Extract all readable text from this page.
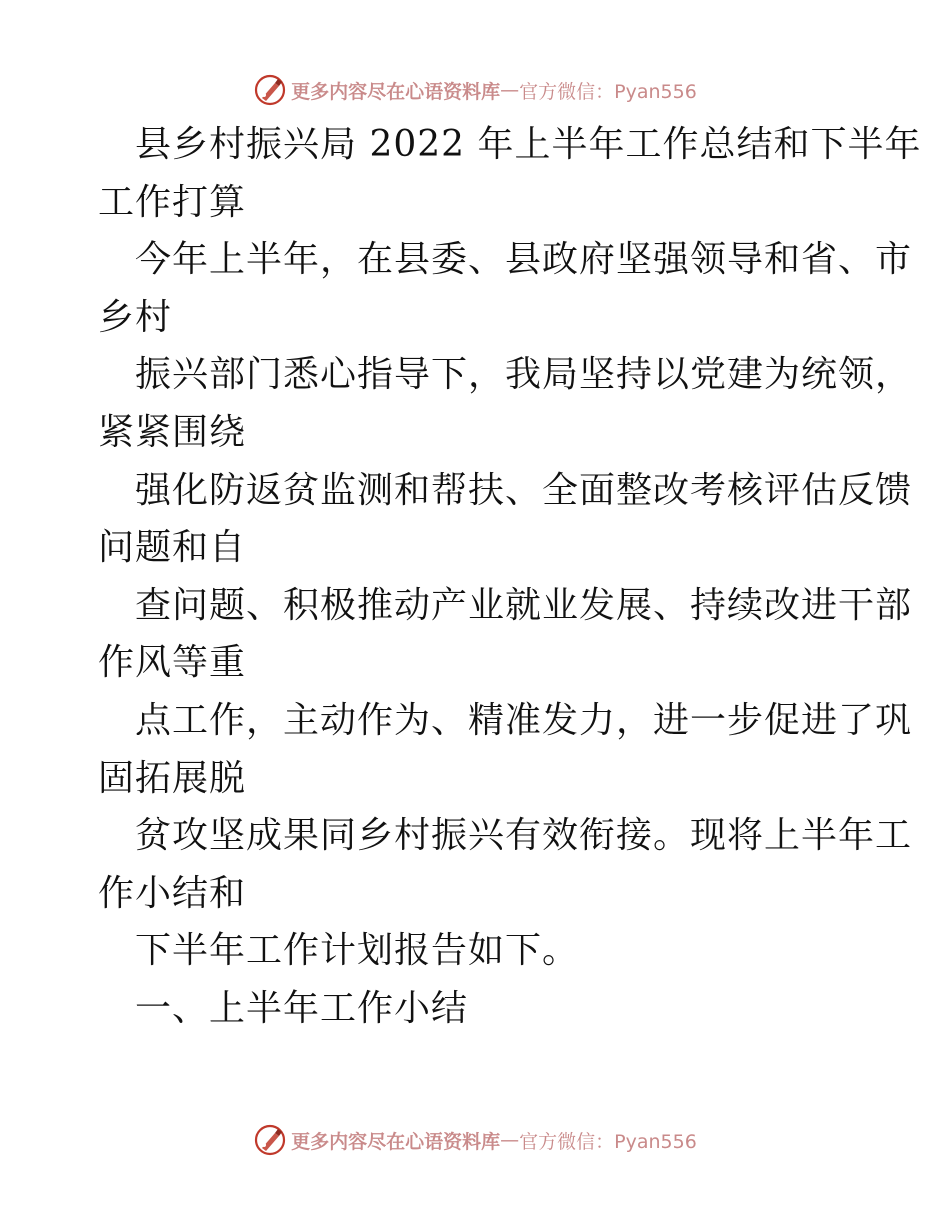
更多内容尽在心语资料库 — 官方微信：Pyan556
县乡村振兴局 2022 年上半年工作总结和下半年
工作打算
今年上半年，在县委、县政府坚强领导和省、市
乡村
振兴部门悉心指导下，我局坚持以党建为统领，
紧紧围绕
强化防返贫监测和帮扶、全面整改考核评估反馈
问题和自
查问题、积极推动产业就业发展、持续改进干部
作风等重
点工作，主动作为、精准发力，进一步促进了巩
固拓展脱
贫攻坚成果同乡村振兴有效衔接。现将上半年工
作小结和
下半年工作计划报告如下。
一、上半年工作小结
更多内容尽在心语资料库 — 官方微信：Pyan556
